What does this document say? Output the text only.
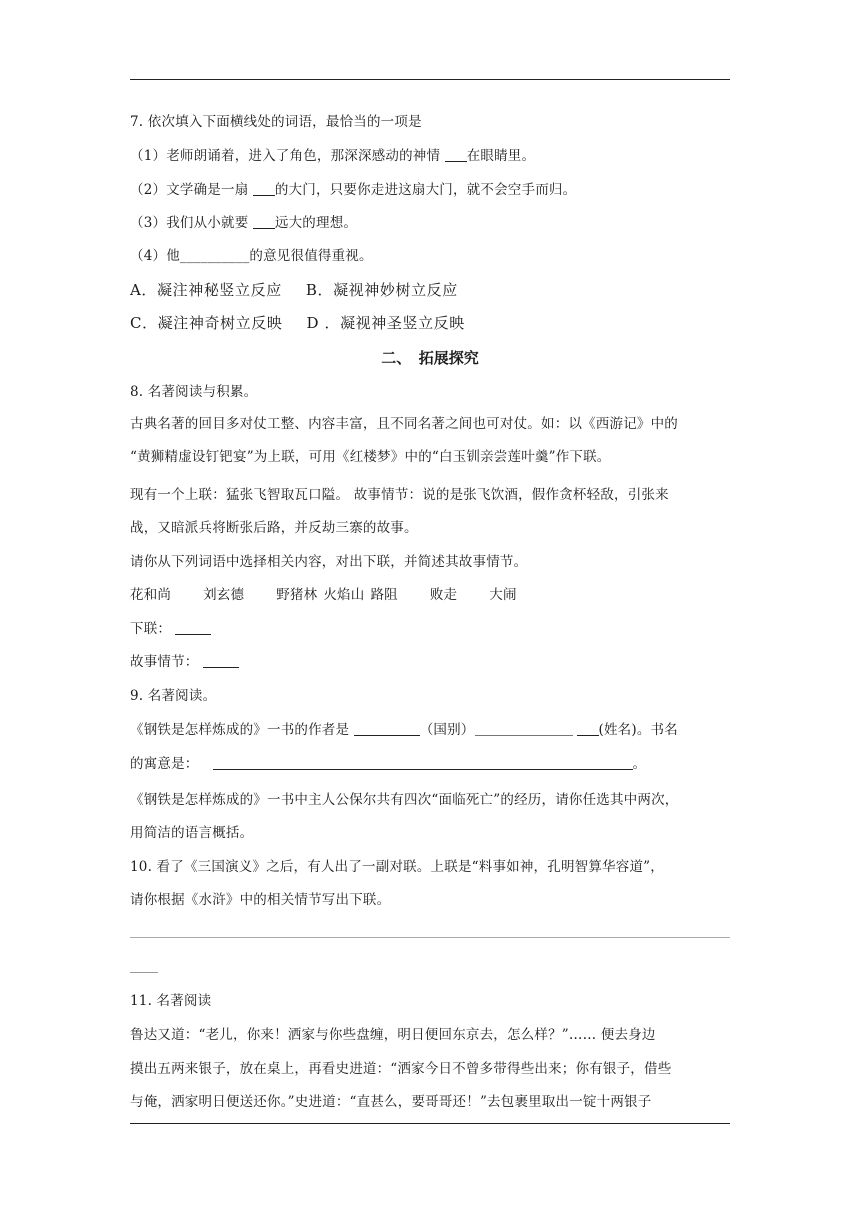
7. 依次填入下面横线处的词语，最恰当的一项是
（1）老师朗诵着，进入了角色，那深深感动的神情 在眼睛里。
（2）文学确是一扇 的大门，只要你走进这扇大门，就不会空手而归。
（3）我们从小就要 远大的理想。
（4）他__________的意见很值得重视。
A．凝注神秘竖立反应 B．凝视神妙树立反应
C．凝注神奇树立反映 D ．凝视神圣竖立反映
二、　拓展探究
8. 名著阅读与积累。
古典名著的回目多对仗工整、内容丰富，且不同名著之间也可对仗。如：以《西游记》中的
“黄狮精虚设钉钯宴”为上联，可用《红楼梦》中的“白玉钏亲尝莲叶羹”作下联。
现有一个上联：猛张飞智取瓦口隘。 故事情节：说的是张飞饮酒，假作贪杯轻敌，引张来
战，又暗派兵将断张后路，并反劫三寨的故事。
请你从下列词语中选择相关内容，对出下联，并简述其故事情节。
花和尚 刘玄德 野猪林 火焰山 路阻 败走 大闹
下联：
故事情节：
9. 名著阅读。
《钢铁是怎样炼成的》一书的作者是	（国别）	(姓名)。书名
的寓意是：	。
《钢铁是怎样炼成的》一书中主人公保尔共有四次“面临死亡”的经历，请你任选其中两次，
用简洁的语言概括。
10. 看了《三国演义》之后，有人出了一副对联。上联是“料事如神，孔明智算华容道”，
请你根据《水浒》中的相关情节写出下联。
11. 名著阅读
鲁达又道：“老儿，你来！洒家与你些盘缠，明日便回东京去，怎么样？”…… 便去身边
摸出五两来银子，放在桌上，再看史进道：“洒家今日不曾多带得些出来；你有银子，借些
与俺，洒家明日便送还你。”史进道：“直甚么，要哥哥还！”去包裹里取出一锭十两银子
